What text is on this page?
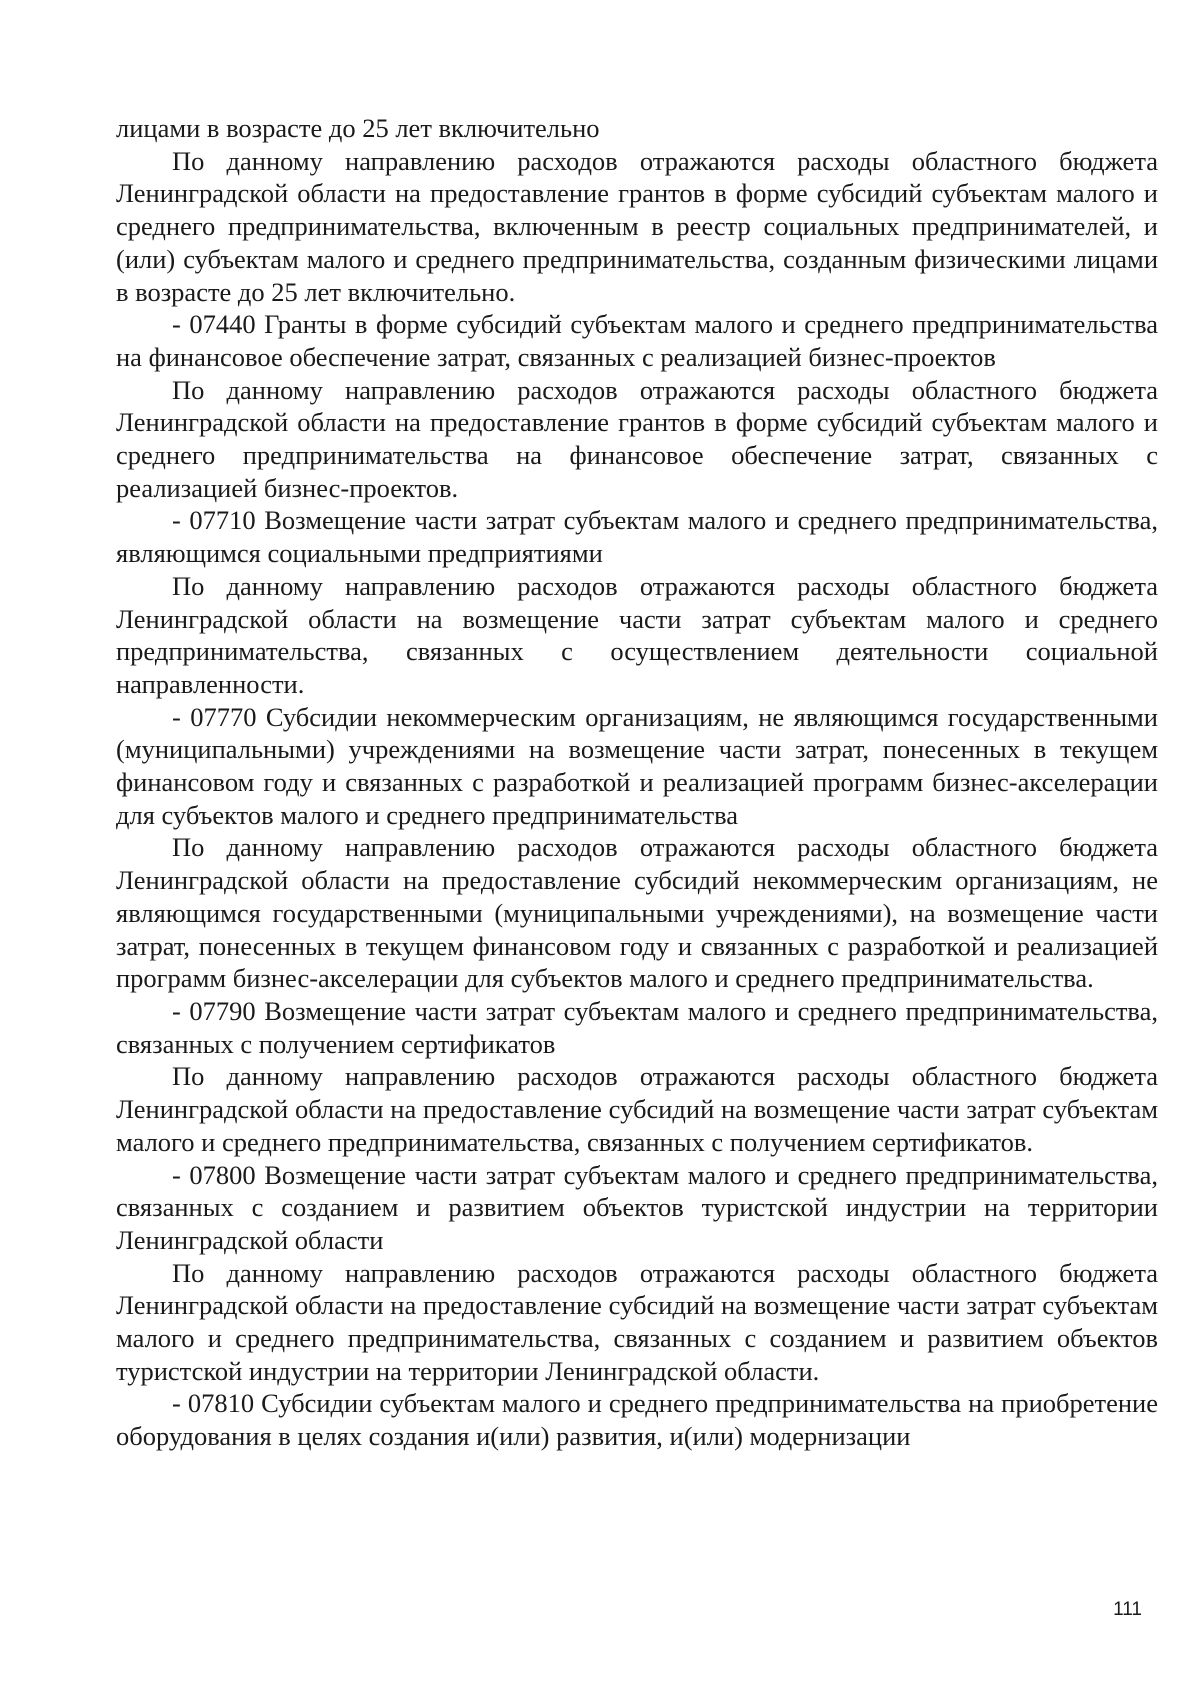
лицами в возрасте до 25 лет включительно

По данному направлению расходов отражаются расходы областного бюджета Ленинградской области на предоставление грантов в форме субсидий субъектам малого и среднего предпринимательства, включенным в реестр социальных предпринимателей, и (или) субъектам малого и среднего предпринимательства, созданным физическими лицами в возрасте до 25 лет включительно.

- 07440 Гранты в форме субсидий субъектам малого и среднего предпринимательства на финансовое обеспечение затрат, связанных с реализацией бизнес-проектов

По данному направлению расходов отражаются расходы областного бюджета Ленинградской области на предоставление грантов в форме субсидий субъектам малого и среднего предпринимательства на финансовое обеспечение затрат, связанных с реализацией бизнес-проектов.

- 07710 Возмещение части затрат субъектам малого и среднего предпринимательства, являющимся социальными предприятиями

По данному направлению расходов отражаются расходы областного бюджета Ленинградской области на возмещение части затрат субъектам малого и среднего предпринимательства, связанных с осуществлением деятельности социальной направленности.

- 07770 Субсидии некоммерческим организациям, не являющимся государственными (муниципальными) учреждениями на возмещение части затрат, понесенных в текущем финансовом году и связанных с разработкой и реализацией программ бизнес-акселерации для субъектов малого и среднего предпринимательства

По данному направлению расходов отражаются расходы областного бюджета Ленинградской области на предоставление субсидий некоммерческим организациям, не являющимся государственными (муниципальными учреждениями), на возмещение части затрат, понесенных в текущем финансовом году и связанных с разработкой и реализацией программ бизнес-акселерации для субъектов малого и среднего предпринимательства.

- 07790 Возмещение части затрат субъектам малого и среднего предпринимательства, связанных с получением сертификатов

По данному направлению расходов отражаются расходы областного бюджета Ленинградской области на предоставление субсидий на возмещение части затрат субъектам малого и среднего предпринимательства, связанных с получением сертификатов.

- 07800 Возмещение части затрат субъектам малого и среднего предпринимательства, связанных с созданием и развитием объектов туристской индустрии на территории Ленинградской области

По данному направлению расходов отражаются расходы областного бюджета Ленинградской области на предоставление субсидий на возмещение части затрат субъектам малого и среднего предпринимательства, связанных с созданием и развитием объектов туристской индустрии на территории Ленинградской области.

- 07810 Субсидии субъектам малого и среднего предпринимательства на приобретение оборудования в целях создания и(или) развития, и(или) модернизации

111
